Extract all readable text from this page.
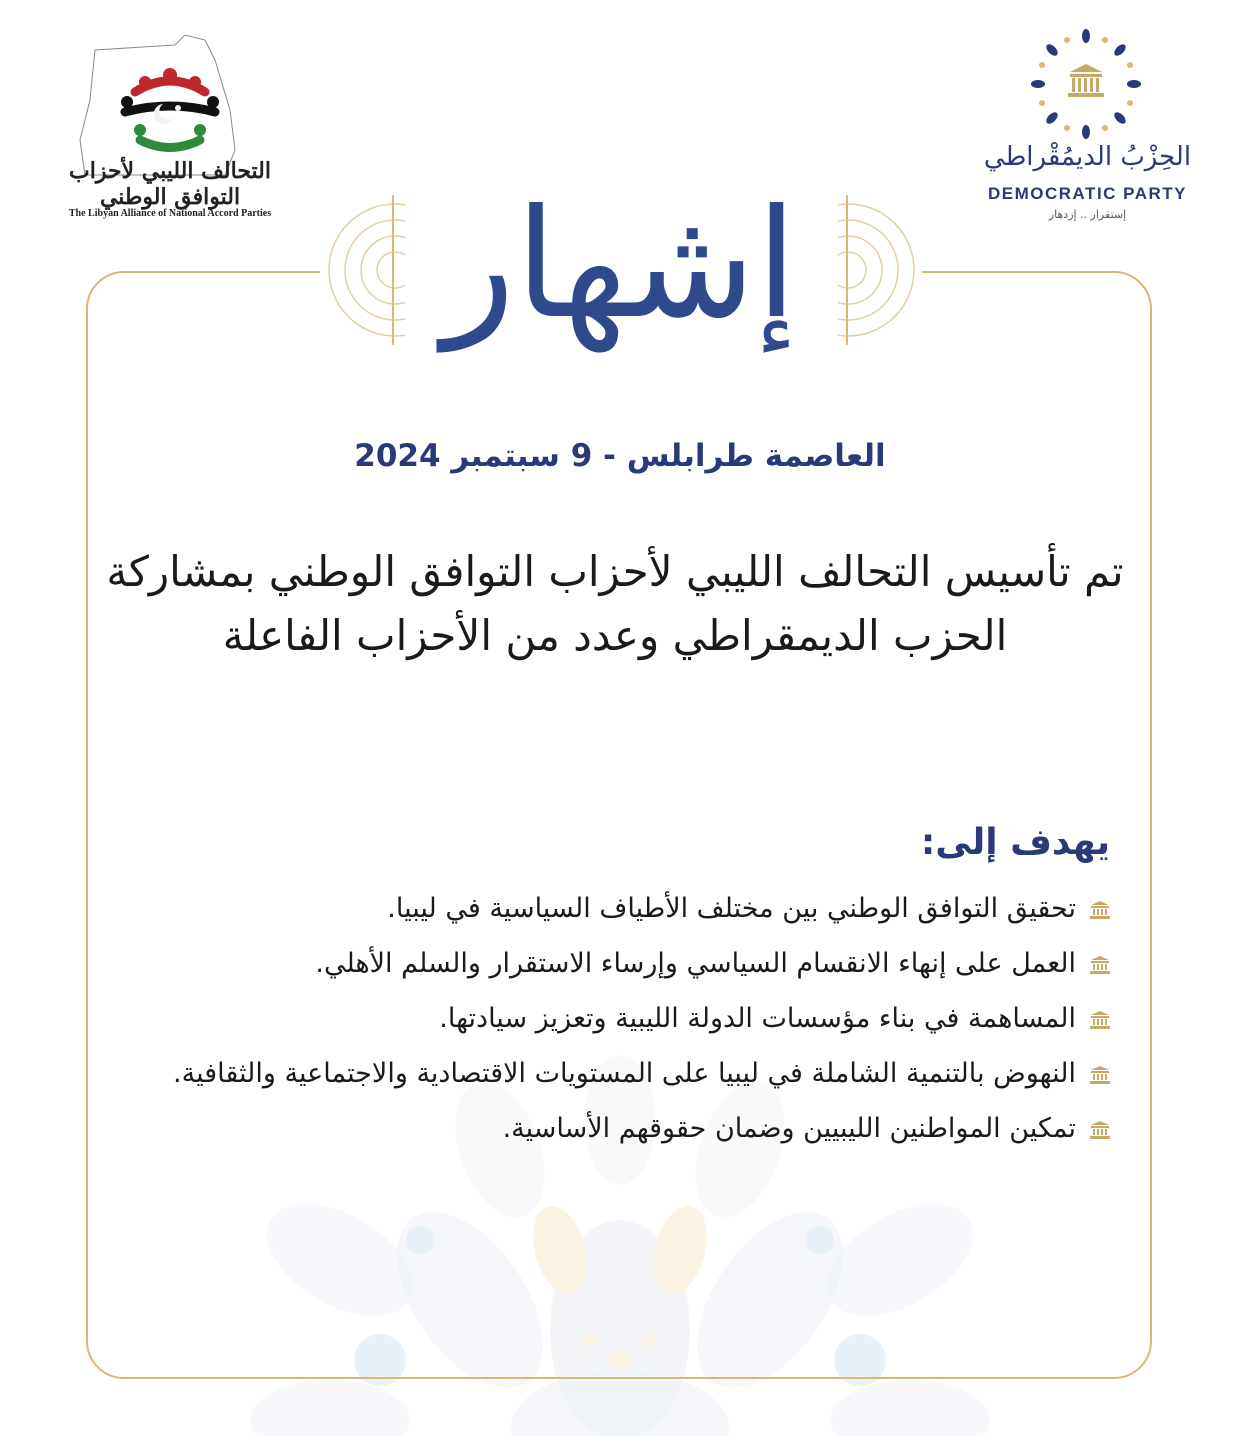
التحالف الليبي لأحزاب التوافق الوطني
The Libyan Alliance of National Accord Parties
الحِزْبُ الديمُقْراطي
DEMOCRATIC PARTY
إستقرار .. إزدهار
إشهار
العاصمة طرابلس - 9 سبتمبر 2024
تم تأسيس التحالف الليبي لأحزاب التوافق الوطني بمشاركة الحزب الديمقراطي وعدد من الأحزاب الفاعلة
يهدف إلى:
تحقيق التوافق الوطني بين مختلف الأطياف السياسية في ليبيا.
العمل على إنهاء الانقسام السياسي وإرساء الاستقرار والسلم الأهلي.
المساهمة في بناء مؤسسات الدولة الليبية وتعزيز سيادتها.
النهوض بالتنمية الشاملة في ليبيا على المستويات الاقتصادية والاجتماعية والثقافية.
تمكين المواطنين الليبيين وضمان حقوقهم الأساسية.
